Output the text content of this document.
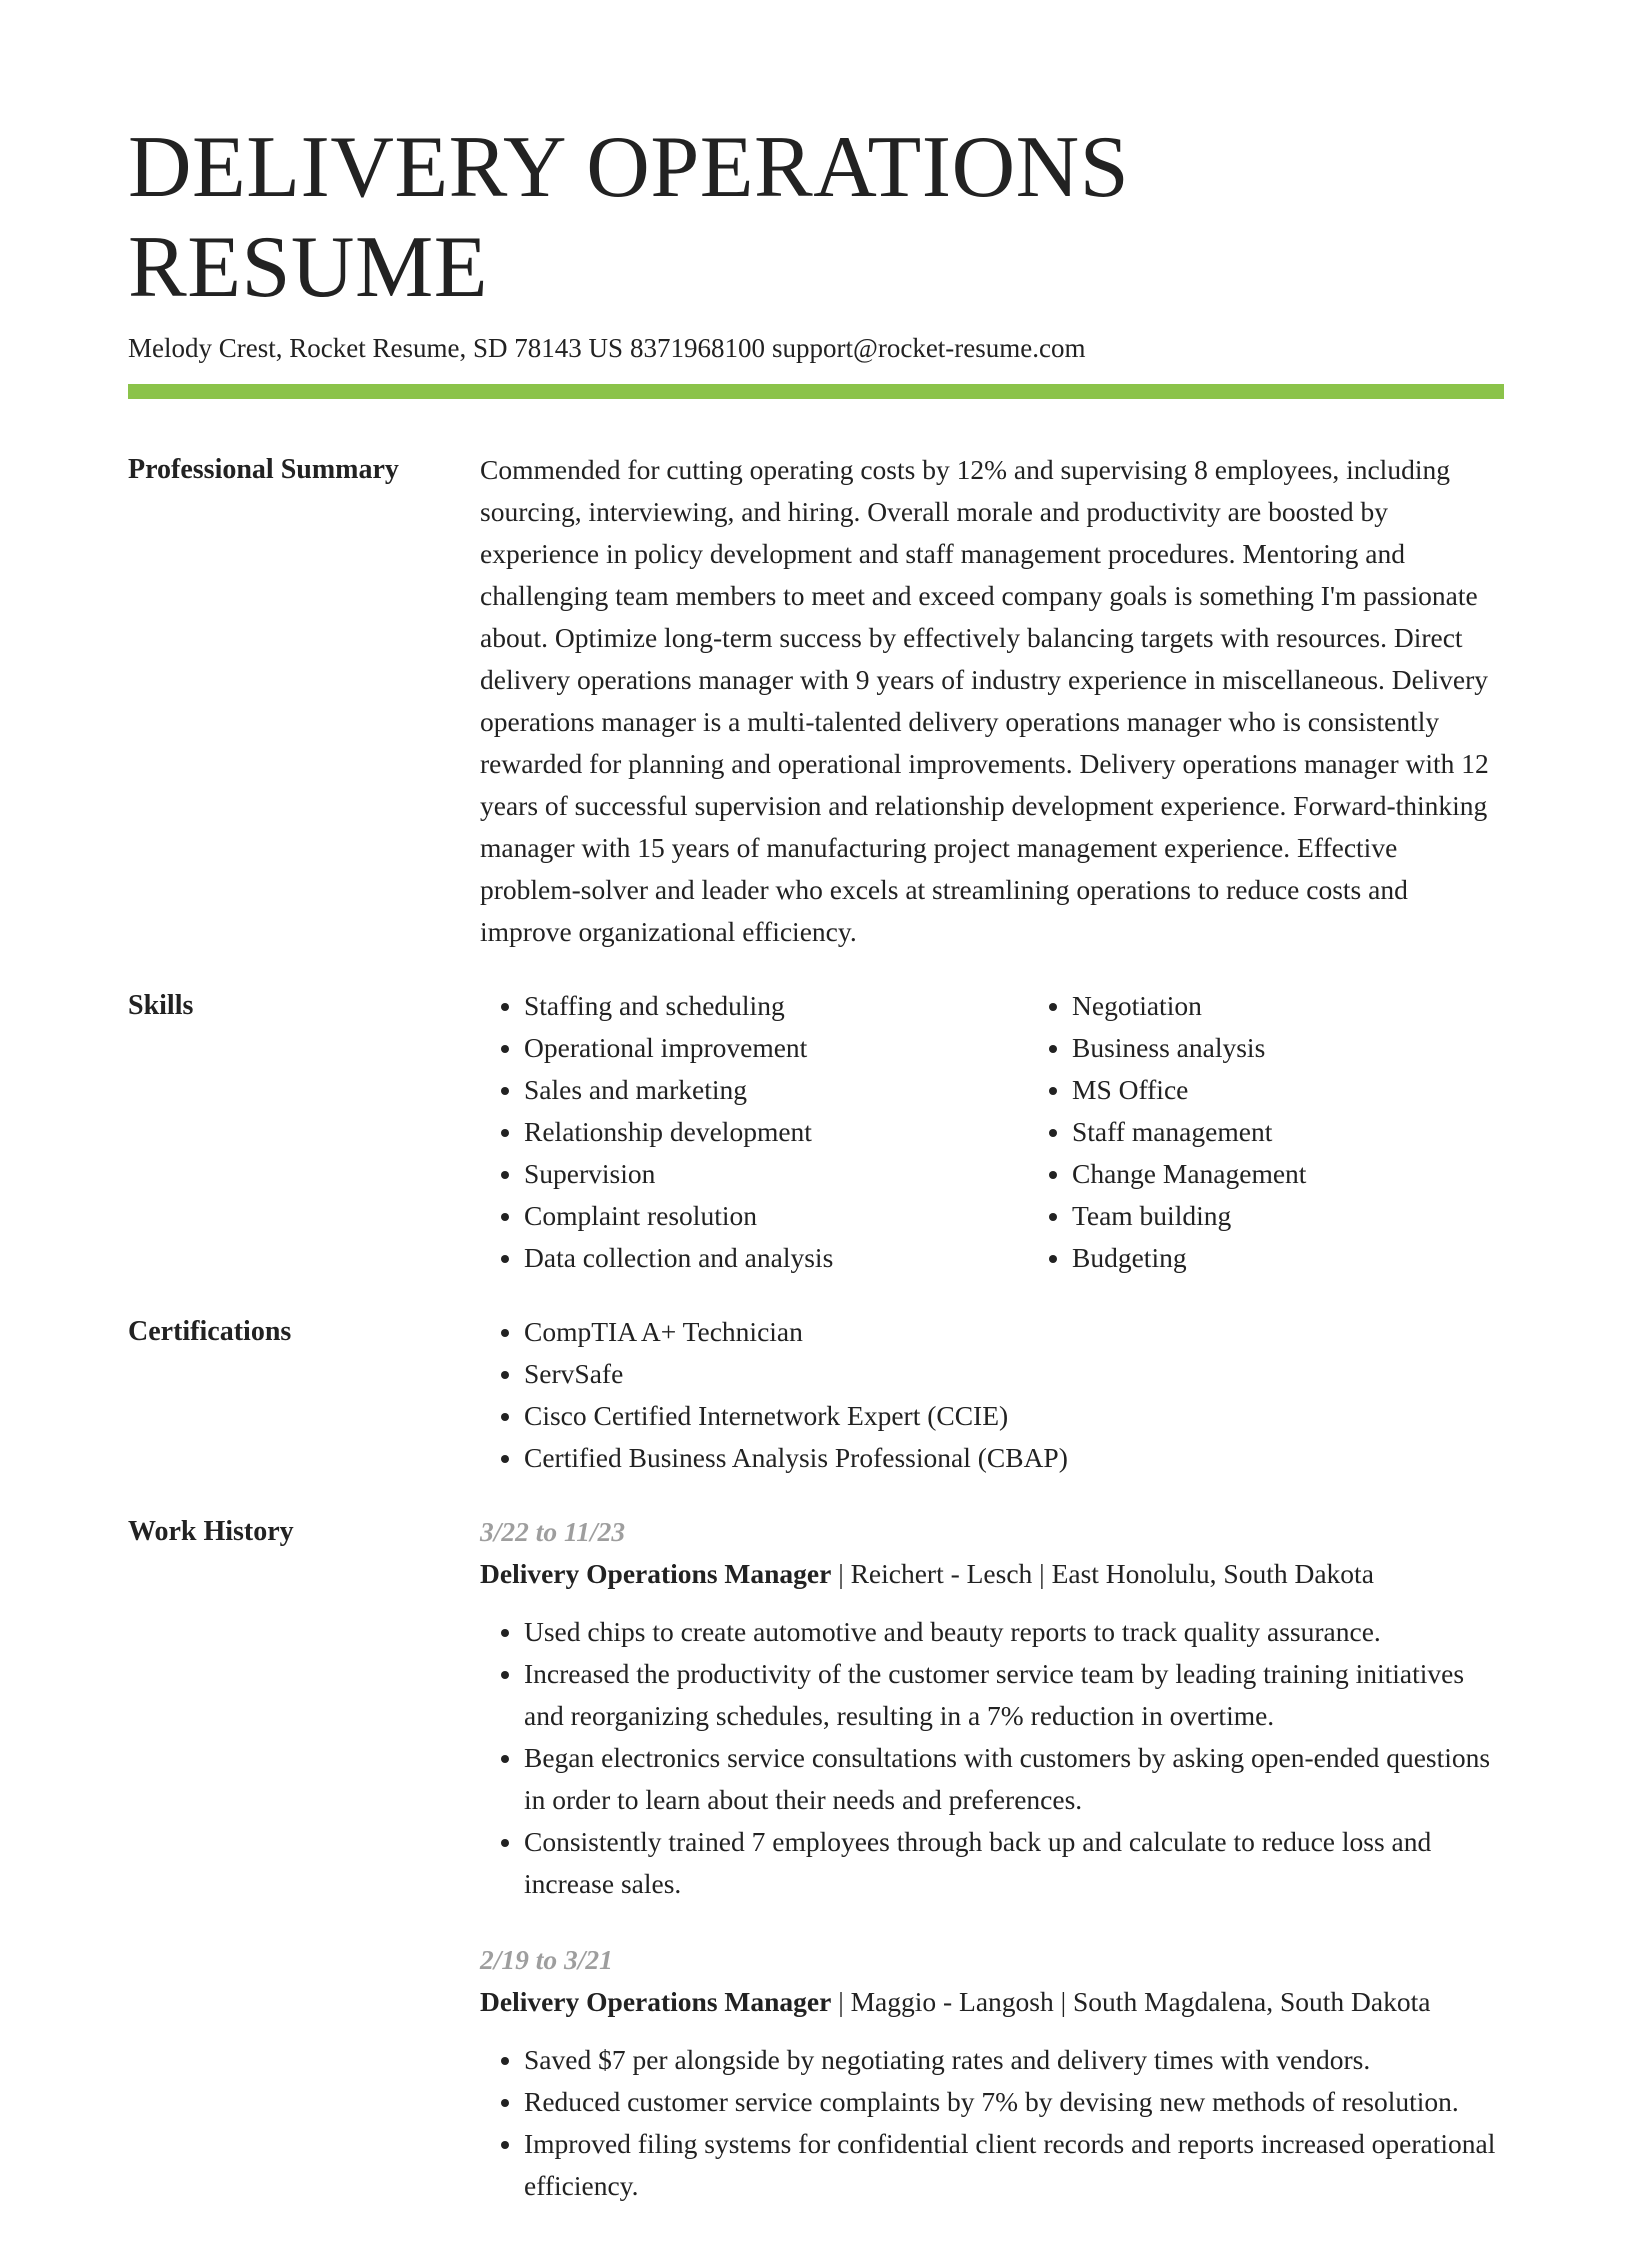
DELIVERY OPERATIONS RESUME
Melody Crest, Rocket Resume, SD 78143 US 8371968100 support@rocket-resume.com
Professional Summary	Commended for cutting operating costs by 12% and supervising 8 employees, including sourcing, interviewing, and hiring. Overall morale and productivity are boosted by experience in policy development and staff management procedures. Mentoring and challenging team members to meet and exceed company goals is something I'm passionate about. Optimize long-term success by effectively balancing targets with resources. Direct delivery operations manager with 9 years of industry experience in miscellaneous. Delivery operations manager is a multi-talented delivery operations manager who is consistently rewarded for planning and operational improvements. Delivery operations manager with 12 years of successful supervision and relationship development experience. Forward-thinking manager with 15 years of manufacturing project management experience. Effective problem-solver and leader who excels at streamlining operations to reduce costs and improve organizational efficiency.
Skills	• Staffing and scheduling
• Operational improvement
• Sales and marketing
• Relationship development
• Supervision
• Complaint resolution
• Data collection and analysis
• Negotiation
• Business analysis
• MS Office
• Staff management
• Change Management
• Team building
• Budgeting
Certifications	• CompTIA A+ Technician
• ServSafe
• Cisco Certified Internetwork Expert (CCIE)
• Certified Business Analysis Professional (CBAP)
Work History	3/22 to 11/23
Delivery Operations Manager | Reichert - Lesch | East Honolulu, South Dakota
• Used chips to create automotive and beauty reports to track quality assurance.
• Increased the productivity of the customer service team by leading training initiatives and reorganizing schedules, resulting in a 7% reduction in overtime.
• Began electronics service consultations with customers by asking open-ended questions in order to learn about their needs and preferences.
• Consistently trained 7 employees through back up and calculate to reduce loss and increase sales.
2/19 to 3/21
Delivery Operations Manager | Maggio - Langosh | South Magdalena, South Dakota
• Saved $7 per alongside by negotiating rates and delivery times with vendors.
• Reduced customer service complaints by 7% by devising new methods of resolution.
• Improved filing systems for confidential client records and reports increased operational efficiency.
